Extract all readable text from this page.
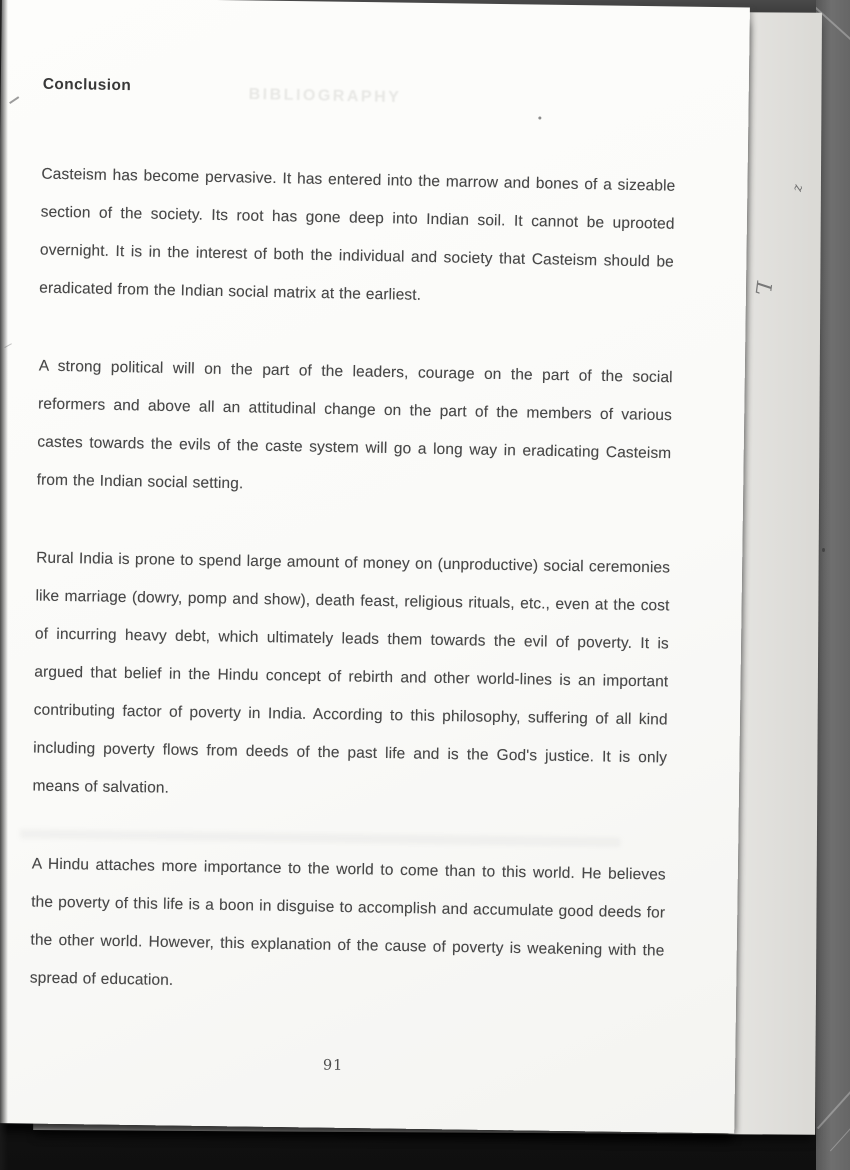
z
L
BIBLIOGRAPHY
Conclusion

Casteism has become pervasive. It has entered into the marrow and bones of a sizeable section of the society. Its root has gone deep into Indian soil. It cannot be uprooted overnight. It is in the interest of both the individual and society that Casteism should be eradicated from the Indian social matrix at the earliest.

A strong political will on the part of the leaders, courage on the part of the social reformers and above all an attitudinal change on the part of the members of various castes towards the evils of the caste system will go a long way in eradicating Casteism from the Indian social setting.

Rural India is prone to spend large amount of money on (unproductive) social ceremonies like marriage (dowry, pomp and show), death feast, religious rituals, etc., even at the cost of incurring heavy debt, which ultimately leads them towards the evil of poverty. It is argued that belief in the Hindu concept of rebirth and other world-lines is an important contributing factor of poverty in India. According to this philosophy, suffering of all kind including poverty flows from deeds of the past life and is the God's justice. It is only means of salvation.

A Hindu attaches more importance to the world to come than to this world. He believes the poverty of this life is a boon in disguise to accomplish and accumulate good deeds for the other world. However, this explanation of the cause of poverty is weakening with the spread of education.

91
